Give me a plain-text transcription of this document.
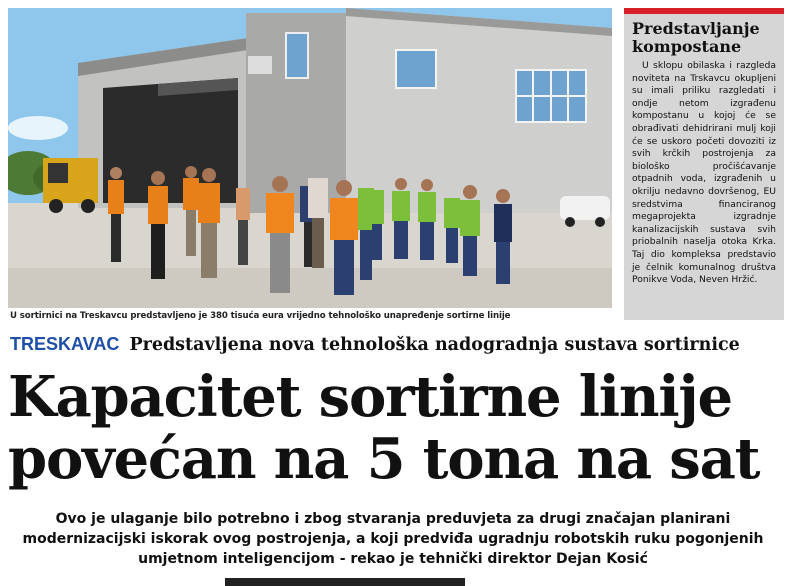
U sortirnici na Treskavcu predstavljeno je 380 tisuća eura vrijedno tehnološko unapređenje sortirne linije
Predstavljanje kompostane
U sklopu obilaska i razgleda noviteta na Trskavcu okupljeni su imali priliku razgledati i ondje netom izgrađenu kompostanu u kojoj će se obrađivati dehidrirani mulj koji će se uskoro početi dovoziti iz svih krčkih postrojenja za biološko pročišćavanje otpadnih voda, izgrađenih u okrilju nedavno dovršenog, EU sredstvima financiranog megaprojekta izgradnje kanalizacijskih sustava svih priobalnih naselja otoka Krka. Taj dio kompleksa predstavio je čelnik komunalnog društva Ponikve Voda, Neven Hržić.
TRESKAVAC Predstavljena nova tehnološka nadogradnja sustava sortirnice
Kapacitet sortirne linije
povećan na 5 tona na sat
Ovo je ulaganje bilo potrebno i zbog stvaranja preduvjeta za drugi značajan planirani modernizacijski iskorak ovog postrojenja, a koji predviđa ugradnju robotskih ruku pogonjenih umjetnom inteligencijom - rekao je tehnički direktor Dejan Kosić
